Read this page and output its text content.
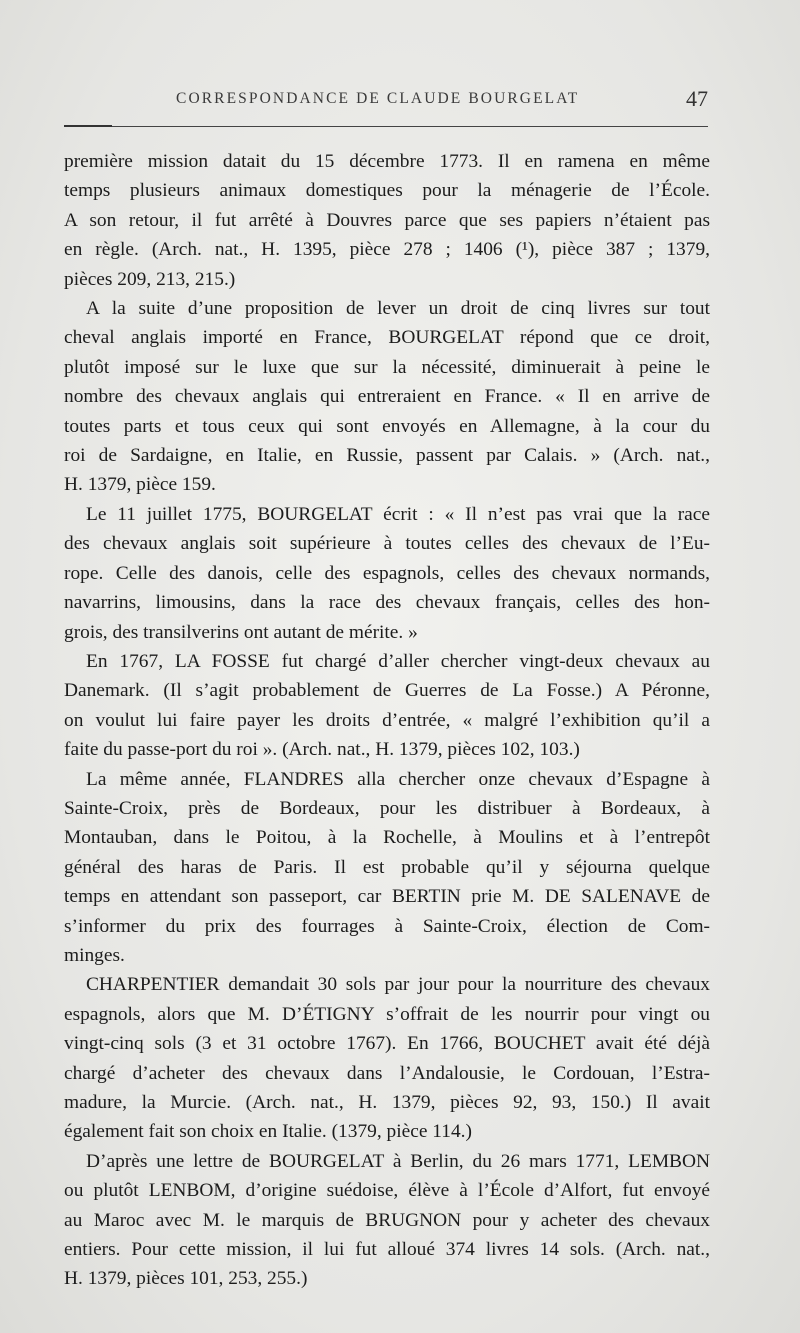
CORRESPONDANCE DE CLAUDE BOURGELAT	47

première mission datait du 15 décembre 1773. Il en ramena en même
temps plusieurs animaux domestiques pour la ménagerie de l’École.
A son retour, il fut arrêté à Douvres parce que ses papiers n’étaient pas
en règle. (Arch. nat., H. 1395, pièce 278 ; 1406 (¹), pièce 387 ; 1379,
pièces 209, 213, 215.)

A la suite d’une proposition de lever un droit de cinq livres sur tout
cheval anglais importé en France, BOURGELAT répond que ce droit,
plutôt imposé sur le luxe que sur la nécessité, diminuerait à peine le
nombre des chevaux anglais qui entreraient en France. « Il en arrive de
toutes parts et tous ceux qui sont envoyés en Allemagne, à la cour du
roi de Sardaigne, en Italie, en Russie, passent par Calais. » (Arch. nat.,
H. 1379, pièce 159.

Le 11 juillet 1775, BOURGELAT écrit : « Il n’est pas vrai que la race
des chevaux anglais soit supérieure à toutes celles des chevaux de l’Eu-
rope. Celle des danois, celle des espagnols, celles des chevaux normands,
navarrins, limousins, dans la race des chevaux français, celles des hon-
grois, des transilverins ont autant de mérite. »

En 1767, LA FOSSE fut chargé d’aller chercher vingt-deux chevaux au
Danemark. (Il s’agit probablement de Guerres de La Fosse.) A Péronne,
on voulut lui faire payer les droits d’entrée, « malgré l’exhibition qu’il a
faite du passe-port du roi ». (Arch. nat., H. 1379, pièces 102, 103.)

La même année, FLANDRES alla chercher onze chevaux d’Espagne à
Sainte-Croix, près de Bordeaux, pour les distribuer à Bordeaux, à
Montauban, dans le Poitou, à la Rochelle, à Moulins et à l’entrepôt
général des haras de Paris. Il est probable qu’il y séjourna quelque
temps en attendant son passeport, car BERTIN prie M. DE SALENAVE de
s’informer du prix des fourrages à Sainte-Croix, élection de Com-
minges.

CHARPENTIER demandait 30 sols par jour pour la nourriture des chevaux
espagnols, alors que M. D’ÉTIGNY s’offrait de les nourrir pour vingt ou
vingt-cinq sols (3 et 31 octobre 1767). En 1766, BOUCHET avait été déjà
chargé d’acheter des chevaux dans l’Andalousie, le Cordouan, l’Estra-
madure, la Murcie. (Arch. nat., H. 1379, pièces 92, 93, 150.) Il avait
également fait son choix en Italie. (1379, pièce 114.)

D’après une lettre de BOURGELAT à Berlin, du 26 mars 1771, LEMBON
ou plutôt LENBOM, d’origine suédoise, élève à l’École d’Alfort, fut envoyé
au Maroc avec M. le marquis de BRUGNON pour y acheter des chevaux
entiers. Pour cette mission, il lui fut alloué 374 livres 14 sols. (Arch. nat.,
H. 1379, pièces 101, 253, 255.)
